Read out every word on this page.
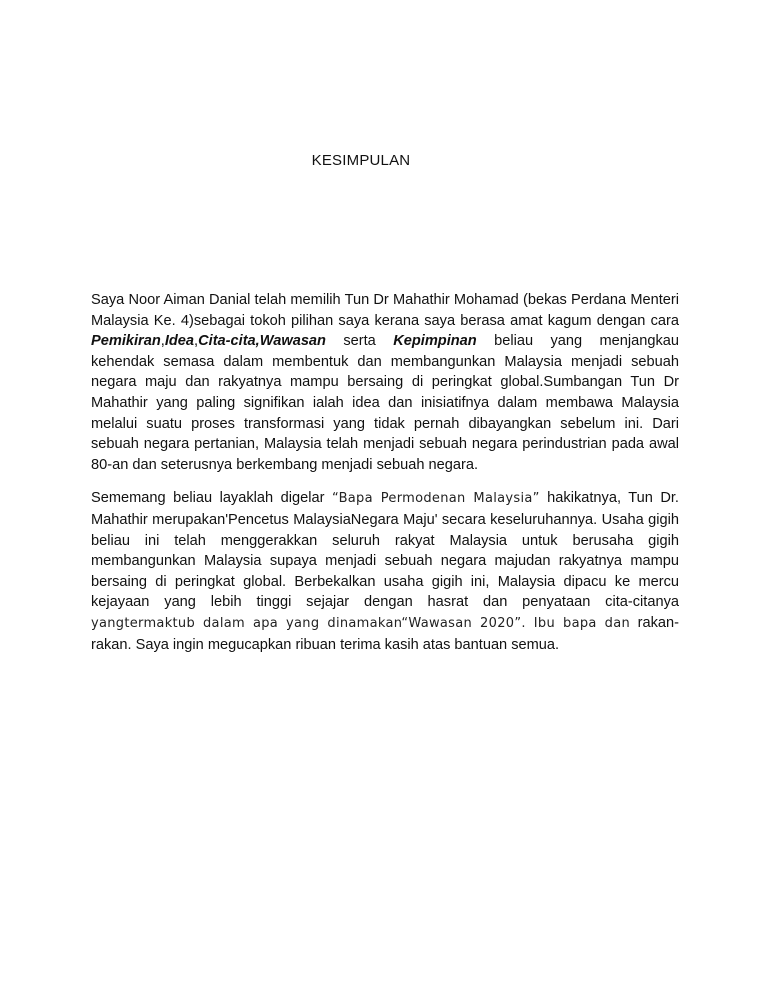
KESIMPULAN

Saya Noor Aiman Danial telah memilih Tun Dr Mahathir Mohamad (bekas Perdana Menteri Malaysia Ke. 4)sebagai tokoh pilihan saya kerana saya berasa amat kagum dengan cara Pemikiran,Idea,Cita-cita,Wawasan serta Kepimpinan beliau yang menjangkau kehendak semasa dalam membentuk dan membangunkan Malaysia menjadi sebuah negara maju dan rakyatnya mampu bersaing di peringkat global.Sumbangan Tun Dr Mahathir yang paling signifikan ialah idea dan inisiatifnya dalam membawa Malaysia melalui suatu proses transformasi yang tidak pernah dibayangkan sebelum ini. Dari sebuah negara pertanian, Malaysia telah menjadi sebuah negara perindustrian pada awal 80-an dan seterusnya berkembang menjadi sebuah negara.

Sememang beliau layaklah digelar “Bapa Permodenan Malaysia” hakikatnya, Tun Dr. Mahathir merupakan'Pencetus MalaysiaNegara Maju' secara keseluruhannya. Usaha gigih beliau ini telah menggerakkan seluruh rakyat Malaysia untuk berusaha gigih membangunkan Malaysia supaya menjadi sebuah negara majudan rakyatnya mampu bersaing di peringkat global. Berbekalkan usaha gigih ini, Malaysia dipacu ke mercu kejayaan yang lebih tinggi sejajar dengan hasrat dan penyataan cita-citanya yangtermaktub dalam apa yang dinamakan“Wawasan 2020”. Ibu bapa dan rakan-rakan. Saya ingin megucapkan ribuan terima kasih atas bantuan semua.
